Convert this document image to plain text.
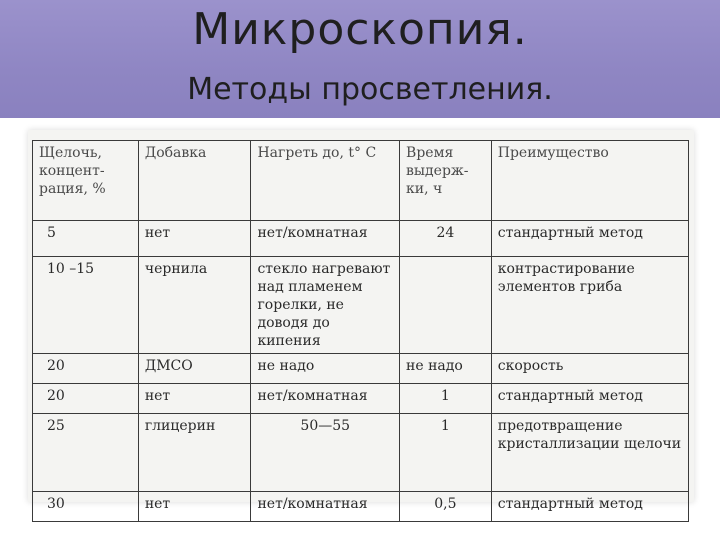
Микроскопия.
Методы просветления.
Щелочь, концент-рация, %	Добавка	Нагреть до, t° С	Время выдерж-ки, ч	Преимущество
5	нет	нет/комнатная	24	стандартный метод
10 –15	чернила	стекло нагревают над пламенем горелки, не доводя до кипения		контрастирование элементов гриба
20	ДМСО	не надо	не надо	скорость
20	нет	нет/комнатная	1	стандартный метод
25	глицерин	50—55	1	предотвращение кристаллизации щелочи
30	нет	нет/комнатная	0,5	стандартный метод
